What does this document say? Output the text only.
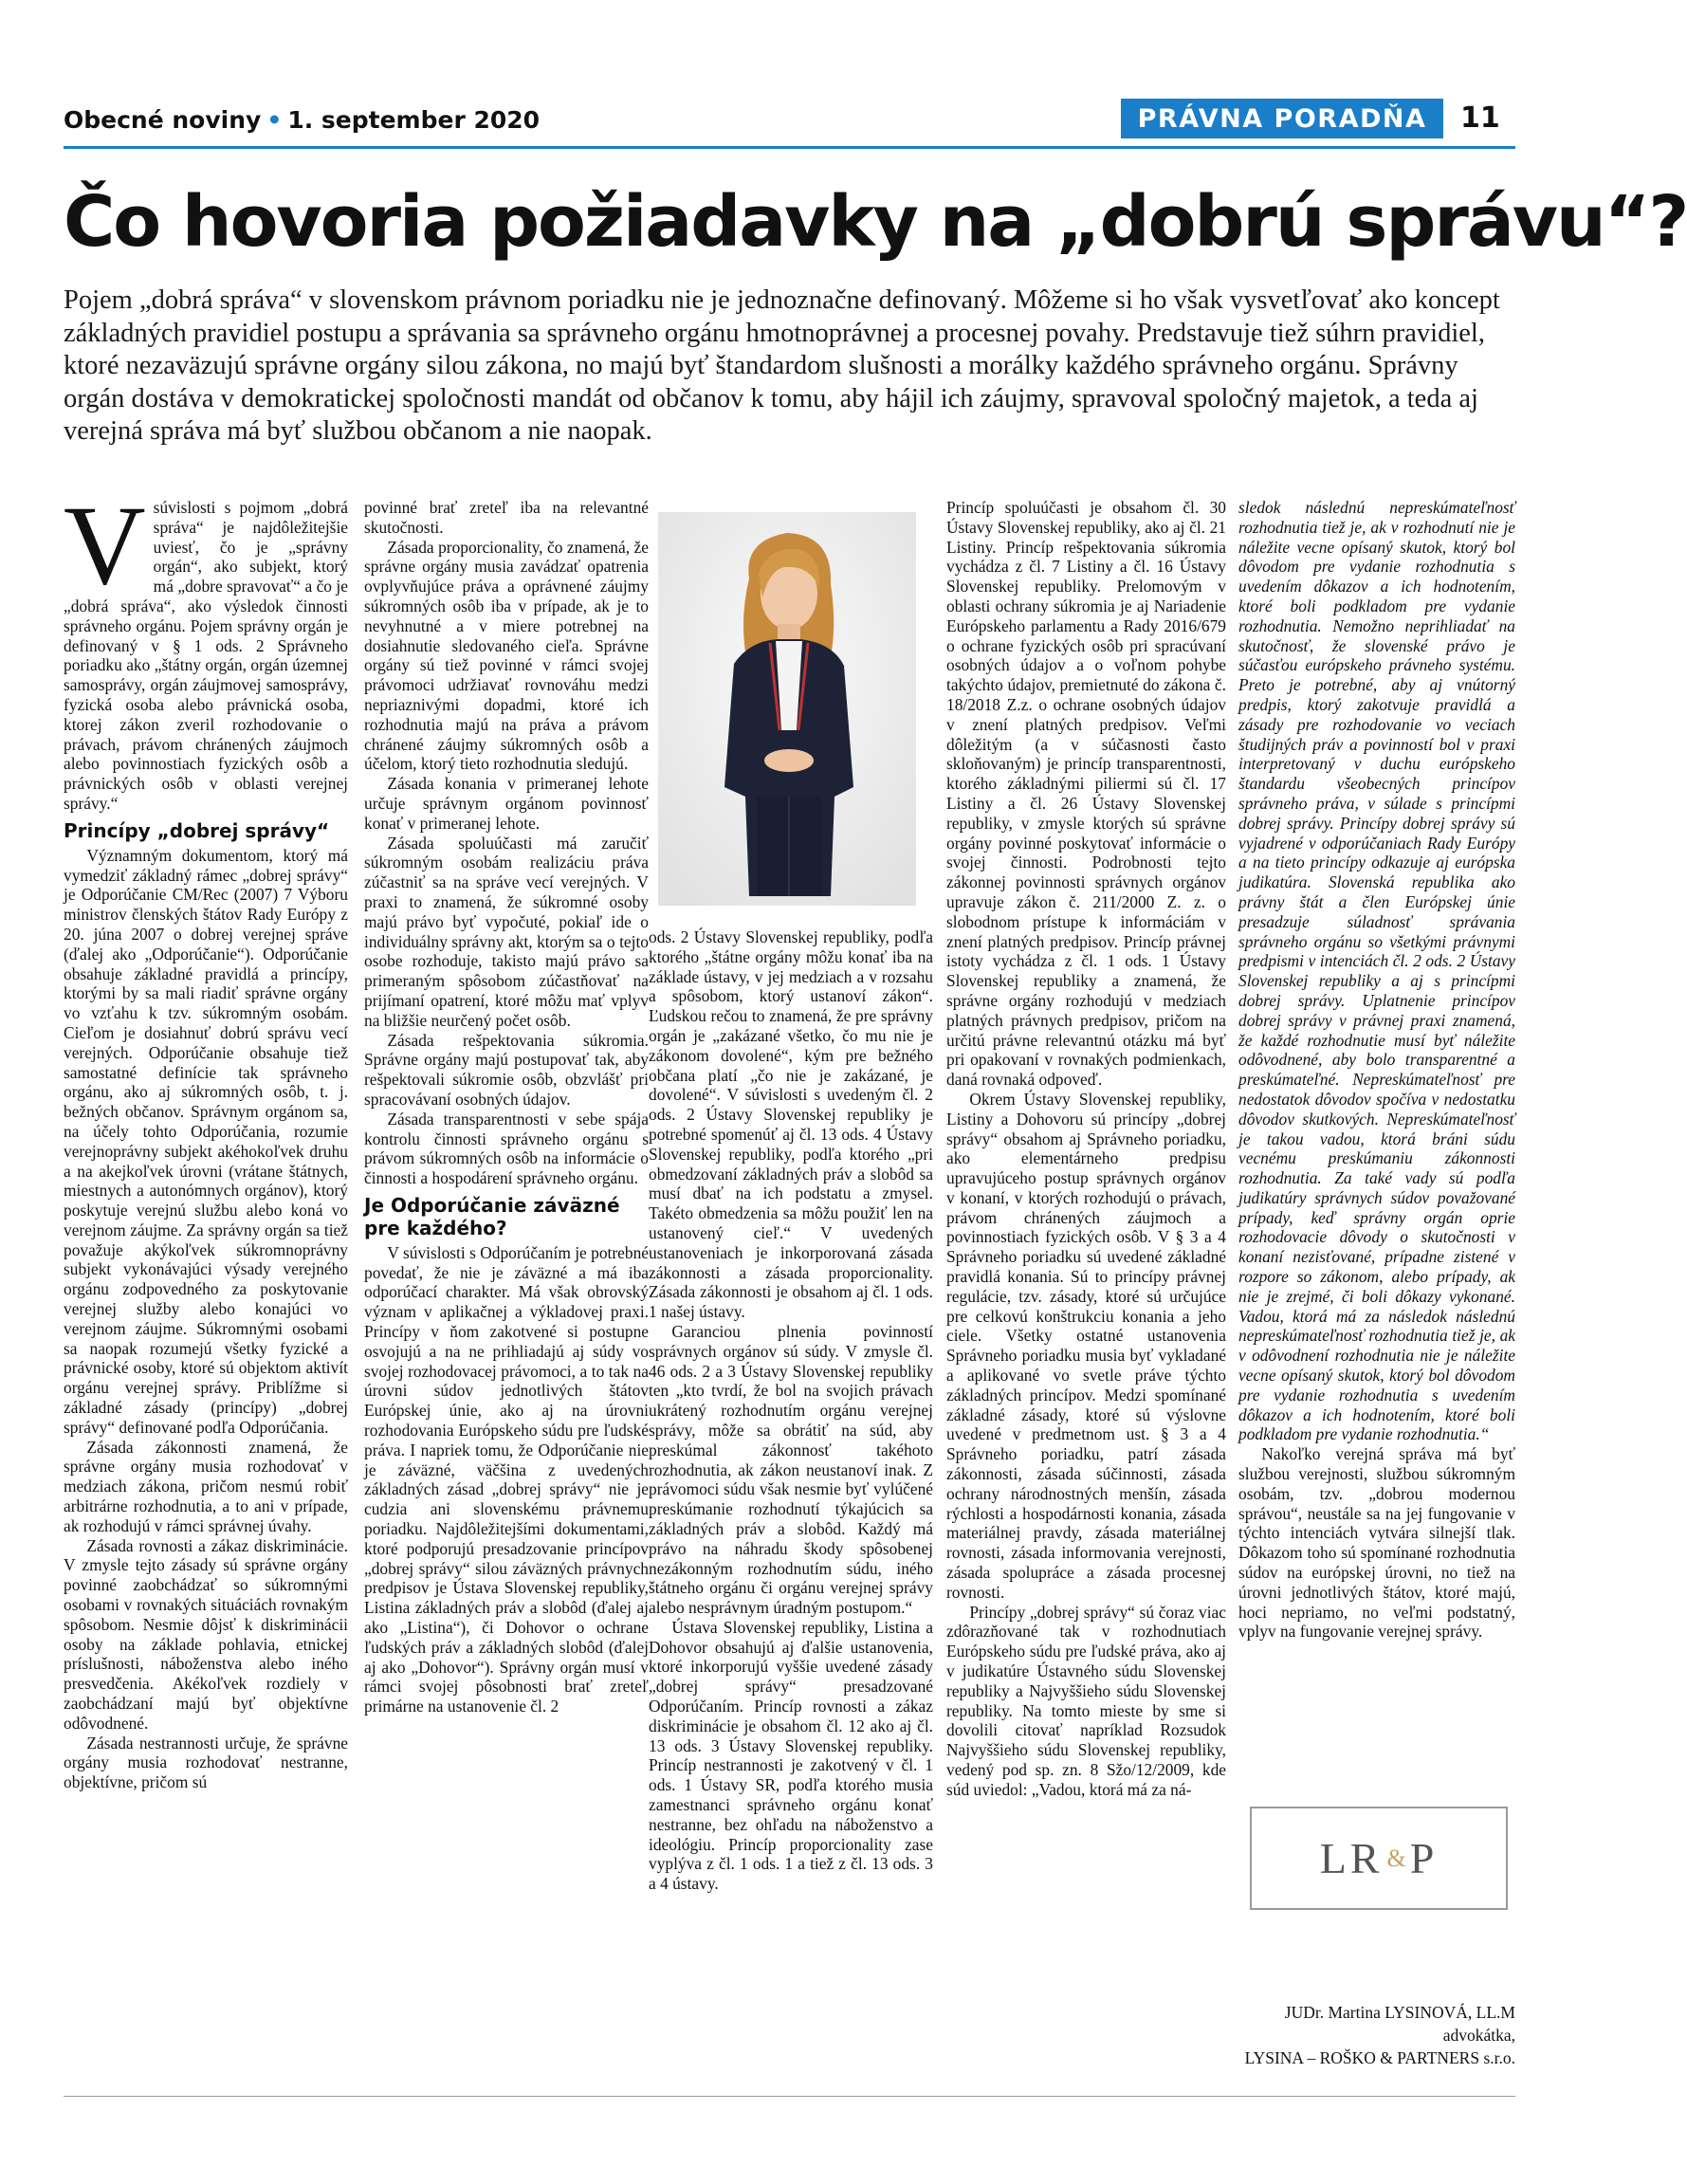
Obecné noviny • 1. september 2020	PRÁVNA PORADŇA	11
Čo hovoria požiadavky na „dobrú správu“?

Pojem „dobrá správa“ v slovenskom právnom poriadku nie je jednoznačne definovaný. Môžeme si ho však vysvetľovať ako koncept základných pravidiel postupu a správania sa správneho orgánu hmotnoprávnej a procesnej povahy. Predstavuje tiež súhrn pravidiel, ktoré nezaväzujú správne orgány silou zákona, no majú byť štandardom slušnosti a morálky každého správneho orgánu. Správny orgán dostáva v demokratickej spoločnosti mandát od občanov k tomu, aby hájil ich záujmy, spravoval spoločný majetok, a teda aj verejná správa má byť službou občanom a nie naopak.

Vsúvislosti s pojmom „dobrá správa“ je najdôležitejšie uviesť, čo je „správny orgán“, ako subjekt, ktorý má „dobre spravovať“ a čo je „dobrá správa“, ako výsledok činnosti správneho orgánu. Pojem správny orgán je definovaný v § 1 ods. 2 Správneho poriadku ako „štátny orgán, orgán územnej samosprávy, orgán záujmovej samosprávy, fyzická osoba alebo právnická osoba, ktorej zákon zveril rozhodovanie o právach, právom chránených záujmoch alebo povinnostiach fyzických osôb a právnických osôb v oblasti verejnej správy.“

Princípy „dobrej správy“

Významným dokumentom, ktorý má vymedziť základný rámec „dobrej správy“ je Odporúčanie CM/Rec (2007) 7 Výboru ministrov členských štátov Rady Európy z 20. júna 2007 o dobrej verejnej správe (ďalej ako „Odporúčanie“). Odporúčanie obsahuje základné pravidlá a princípy, ktorými by sa mali riadiť správne orgány vo vzťahu k tzv. súkromným osobám. Cieľom je dosiahnuť dobrú správu vecí verejných. Odporúčanie obsahuje tiež samostatné definície tak správneho orgánu, ako aj súkromných osôb, t. j. bežných občanov. Správnym orgánom sa, na účely tohto Odporúčania, rozumie verejnoprávny subjekt akéhokoľvek druhu a na akejkoľvek úrovni (vrátane štátnych, miestnych a autonómnych orgánov), ktorý poskytuje verejnú službu alebo koná vo verejnom záujme. Za správny orgán sa tiež považuje akýkoľvek súkromnoprávny subjekt vykonávajúci výsady verejného orgánu zodpovedného za poskytovanie verejnej služby alebo konajúci vo verejnom záujme. Súkromnými osobami sa naopak rozumejú všetky fyzické a právnické osoby, ktoré sú objektom aktivít orgánu verejnej správy. Priblížme si základné zásady (princípy) „dobrej správy“ definované podľa Odporúčania.

Zásada zákonnosti znamená, že správne orgány musia rozhodovať v medziach zákona, pričom nesmú robiť arbitrárne rozhodnutia, a to ani v prípade, ak rozhodujú v rámci správnej úvahy.

Zásada rovnosti a zákaz diskriminácie. V zmysle tejto zásady sú správne orgány povinné zaobchádzať so súkromnými osobami v rovnakých situáciách rovnakým spôsobom. Nesmie dôjsť k diskriminácii osoby na základe pohlavia, etnickej príslušnosti, náboženstva alebo iného presvedčenia. Akékoľvek rozdiely v zaobchádzaní majú byť objektívne odôvodnené.

Zásada nestrannosti určuje, že správne orgány musia rozhodovať nestranne, objektívne, pričom sú

povinné brať zreteľ iba na relevantné skutočnosti.

Zásada proporcionality, čo znamená, že správne orgány musia zavádzať opatrenia ovplyvňujúce práva a oprávnené záujmy súkromných osôb iba v prípade, ak je to nevyhnutné a v miere potrebnej na dosiahnutie sledovaného cieľa. Správne orgány sú tiež povinné v rámci svojej právomoci udržiavať rovnováhu medzi nepriaznivými dopadmi, ktoré ich rozhodnutia majú na práva a právom chránené záujmy súkromných osôb a účelom, ktorý tieto rozhodnutia sledujú.

Zásada konania v primeranej lehote určuje správnym orgánom povinnosť konať v primeranej lehote.

Zásada spoluúčasti má zaručiť súkromným osobám realizáciu práva zúčastniť sa na správe vecí verejných. V praxi to znamená, že súkromné osoby majú právo byť vypočuté, pokiaľ ide o individuálny správny akt, ktorým sa o tejto osobe rozhoduje, takisto majú právo sa primeraným spôsobom zúčastňovať na prijímaní opatrení, ktoré môžu mať vplyv na bližšie neurčený počet osôb.

Zásada rešpektovania súkromia. Správne orgány majú postupovať tak, aby rešpektovali súkromie osôb, obzvlášť pri spracovávaní osobných údajov.

Zásada transparentnosti v sebe spája kontrolu činnosti správneho orgánu s právom súkromných osôb na informácie o činnosti a hospodárení správneho orgánu.

Je Odporúčanie záväzné pre každého?

V súvislosti s Odporúčaním je potrebné povedať, že nie je záväzné a má iba odporúčací charakter. Má však obrovský význam v aplikačnej a výkladovej praxi. Princípy v ňom zakotvené si postupne osvojujú a na ne prihliadajú aj súdy vo svojej rozhodovacej právomoci, a to tak na úrovni súdov jednotlivých štátov Európskej únie, ako aj na úrovni rozhodovania Európskeho súdu pre ľudské práva. I napriek tomu, že Odporúčanie nie je záväzné, väčšina z uvedených základných zásad „dobrej správy“ nie je cudzia ani slovenskému právnemu poriadku. Najdôležitejšími dokumentami, ktoré podporujú presadzovanie princípov „dobrej správy“ silou záväzných právnych predpisov je Ústava Slovenskej republiky, Listina základných práv a slobôd (ďalej aj ako „Listina“), či Dohovor o ochrane ľudských práv a základných slobôd (ďalej aj ako „Dohovor“). Správny orgán musí v rámci svojej pôsobnosti brať zreteľ primárne na ustanovenie čl. 2

ods. 2 Ústavy Slovenskej republiky, podľa ktorého „štátne orgány môžu konať iba na základe ústavy, v jej medziach a v rozsahu a spôsobom, ktorý ustanoví zákon“. Ľudskou rečou to znamená, že pre správny orgán je „zakázané všetko, čo mu nie je zákonom dovolené“, kým pre bežného občana platí „čo nie je zakázané, je dovolené“. V súvislosti s uvedeným čl. 2 ods. 2 Ústavy Slovenskej republiky je potrebné spomenúť aj čl. 13 ods. 4 Ústavy Slovenskej republiky, podľa ktorého „pri obmedzovaní základných práv a slobôd sa musí dbať na ich podstatu a zmysel. Takéto obmedzenia sa môžu použiť len na ustanovený cieľ.“ V uvedených ustanoveniach je inkorporovaná zásada zákonnosti a zásada proporcionality. Zásada zákonnosti je obsahom aj čl. 1 ods. 1 našej ústavy.

Garanciou plnenia povinností správnych orgánov sú súdy. V zmysle čl. 46 ods. 2 a 3 Ústavy Slovenskej republiky ten „kto tvrdí, že bol na svojich právach ukrátený rozhodnutím orgánu verejnej správy, môže sa obrátiť na súd, aby preskúmal zákonnosť takéhoto rozhodnutia, ak zákon neustanoví inak. Z právomoci súdu však nesmie byť vylúčené preskúmanie rozhodnutí týkajúcich sa základných práv a slobôd. Každý má právo na náhradu škody spôsobenej nezákonným rozhodnutím súdu, iného štátneho orgánu či orgánu verejnej správy alebo nesprávnym úradným postupom.“

Ústava Slovenskej republiky, Listina a Dohovor obsahujú aj ďalšie ustanovenia, ktoré inkorporujú vyššie uvedené zásady „dobrej správy“ presadzované Odporúčaním. Princíp rovnosti a zákaz diskriminácie je obsahom čl. 12 ako aj čl. 13 ods. 3 Ústavy Slovenskej republiky. Princíp nestrannosti je zakotvený v čl. 1 ods. 1 Ústavy SR, podľa ktorého musia zamestnanci správneho orgánu konať nestranne, bez ohľadu na náboženstvo a ideológiu. Princíp proporcionality zase vyplýva z čl. 1 ods. 1 a tiež z čl. 13 ods. 3 a 4 ústavy.

Princíp spoluúčasti je obsahom čl. 30 Ústavy Slovenskej republiky, ako aj čl. 21 Listiny. Princíp rešpektovania súkromia vychádza z čl. 7 Listiny a čl. 16 Ústavy Slovenskej republiky. Prelomovým v oblasti ochrany súkromia je aj Nariadenie Európskeho parlamentu a Rady 2016/679 o ochrane fyzických osôb pri spracúvaní osobných údajov a o voľnom pohybe takýchto údajov, premietnuté do zákona č. 18/2018 Z.z. o ochrane osobných údajov v znení platných predpisov. Veľmi dôležitým (a v súčasnosti často skloňovaným) je princíp transparentnosti, ktorého základnými piliermi sú čl. 17 Listiny a čl. 26 Ústavy Slovenskej republiky, v zmysle ktorých sú správne orgány povinné poskytovať informácie o svojej činnosti. Podrobnosti tejto zákonnej povinnosti správnych orgánov upravuje zákon č. 211/2000 Z. z. o slobodnom prístupe k informáciám v znení platných predpisov. Princíp právnej istoty vychádza z čl. 1 ods. 1 Ústavy Slovenskej republiky a znamená, že správne orgány rozhodujú v medziach platných právnych predpisov, pričom na určitú právne relevantnú otázku má byť pri opakovaní v rovnakých podmienkach, daná rovnaká odpoveď.

Okrem Ústavy Slovenskej republiky, Listiny a Dohovoru sú princípy „dobrej správy“ obsahom aj Správneho poriadku, ako elementárneho predpisu upravujúceho postup správnych orgánov v konaní, v ktorých rozhodujú o právach, právom chránených záujmoch a povinnostiach fyzických osôb. V § 3 a 4 Správneho poriadku sú uvedené základné pravidlá konania. Sú to princípy právnej regulácie, tzv. zásady, ktoré sú určujúce pre celkovú konštrukciu konania a jeho ciele. Všetky ostatné ustanovenia Správneho poriadku musia byť vykladané a aplikované vo svetle práve týchto základných princípov. Medzi spomínané základné zásady, ktoré sú výslovne uvedené v predmetnom ust. § 3 a 4 Správneho poriadku, patrí zásada zákonnosti, zásada súčinnosti, zásada ochrany národnostných menšín, zásada rýchlosti a hospodárnosti konania, zásada materiálnej pravdy, zásada materiálnej rovnosti, zásada informovania verejnosti, zásada spolupráce a zásada procesnej rovnosti.

Princípy „dobrej správy“ sú čoraz viac zdôrazňované tak v rozhodnutiach Európskeho súdu pre ľudské práva, ako aj v judikatúre Ústavného súdu Slovenskej republiky a Najvyššieho súdu Slovenskej republiky. Na tomto mieste by sme si dovolili citovať napríklad Rozsudok Najvyššieho súdu Slovenskej republiky, vedený pod sp. zn. 8 Sžo/12/2009, kde súd uviedol: „Vadou, ktorá má za ná-

sledok následnú nepreskúmateľnosť rozhodnutia tiež je, ak v rozhodnutí nie je náležite vecne opísaný skutok, ktorý bol dôvodom pre vydanie rozhodnutia s uvedením dôkazov a ich hodnotením, ktoré boli podkladom pre vydanie rozhodnutia. Nemožno neprihliadať na skutočnosť, že slovenské právo je súčasťou európskeho právneho systému. Preto je potrebné, aby aj vnútorný predpis, ktorý zakotvuje pravidlá a zásady pre rozhodovanie vo veciach študijných práv a povinností bol v praxi interpretovaný v duchu európskeho štandardu všeobecných princípov správneho práva, v súlade s princípmi dobrej správy. Princípy dobrej správy sú vyjadrené v odporúčaniach Rady Európy a na tieto princípy odkazuje aj európska judikatúra. Slovenská republika ako právny štát a člen Európskej únie presadzuje súladnosť správania správneho orgánu so všetkými právnymi predpismi v intenciách čl. 2 ods. 2 Ústavy Slovenskej republiky a aj s princípmi dobrej správy. Uplatnenie princípov dobrej správy v právnej praxi znamená, že každé rozhodnutie musí byť náležite odôvodnené, aby bolo transparentné a preskúmateľné. Nepreskúmateľnosť pre nedostatok dôvodov spočíva v nedostatku dôvodov skutkových. Nepreskúmateľnosť je takou vadou, ktorá bráni súdu vecnému preskúmaniu zákonnosti rozhodnutia. Za také vady sú podľa judikatúry správnych súdov považované prípady, keď správny orgán oprie rozhodovacie dôvody o skutočnosti v konaní nezisťované, prípadne zistené v rozpore so zákonom, alebo prípady, ak nie je zrejmé, či boli dôkazy vykonané. Vadou, ktorá má za následok následnú nepreskúmateľnosť rozhodnutia tiež je, ak v odôvodnení rozhodnutia nie je náležite vecne opísaný skutok, ktorý bol dôvodom pre vydanie rozhodnutia s uvedením dôkazov a ich hodnotením, ktoré boli podkladom pre vydanie rozhodnutia.“

Nakoľko verejná správa má byť službou verejnosti, službou súkromným osobám, tzv. „dobrou modernou správou“, neustále sa na jej fungovanie v týchto intenciách vytvára silnejší tlak. Dôkazom toho sú spomínané rozhodnutia súdov na európskej úrovni, no tiež na úrovni jednotlivých štátov, ktoré majú, hoci nepriamo, no veľmi podstatný, vplyv na fungovanie verejnej správy.

LR & P
JUDr. Martina LYSINOVÁ, LL.M
advokátka,
LYSINA – ROŠKO & PARTNERS s.r.o.
